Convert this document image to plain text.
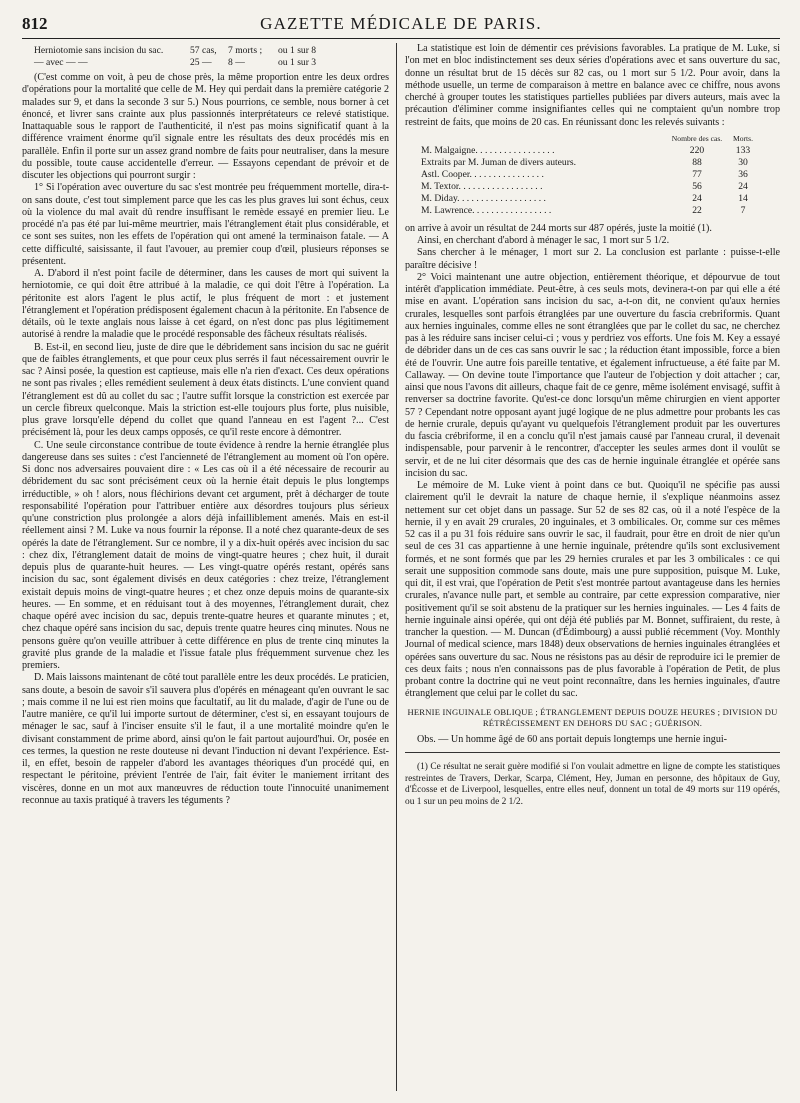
812	GAZETTE MÉDICALE DE PARIS.
Herniotomie sans incision du sac.	57 cas,	7 morts ;	ou 1 sur 8
— avec — —	25 —	8 —	ou 1 sur 3

(C'est comme on voit, à peu de chose près, la même proportion entre les deux ordres d'opérations pour la mortalité que celle de M. Hey qui perdait dans la première catégorie 2 malades sur 9, et dans la seconde 3 sur 5.) Nous pourrions, ce semble, nous borner à cet énoncé, et livrer sans crainte aux plus passionnés interprétateurs ce relevé statistique. Inattaquable sous le rapport de l'authenticité, il n'est pas moins significatif quant à la différence vraiment énorme qu'il signale entre les résultats des deux procédés mis en parallèle. Enfin il porte sur un assez grand nombre de faits pour neutraliser, dans la mesure du possible, toute cause accidentelle d'erreur. — Essayons cependant de prévoir et de discuter les objections qui pourront surgir :

1° Si l'opération avec ouverture du sac s'est montrée peu fréquemment mortelle, dira-t-on sans doute, c'est tout simplement parce que les cas les plus graves lui sont échus, ceux où la violence du mal avait dû rendre insuffisant le remède essayé en premier lieu. Le procédé n'a pas été par lui-même meurtrier, mais l'étranglement était plus considérable, et ce sont ses suites, non les effets de l'opération qui ont amené la terminaison fatale. — A cette difficulté, saisissante, il faut l'avouer, au premier coup d'œil, plusieurs réponses se présentent.

A. D'abord il n'est point facile de déterminer, dans les causes de mort qui suivent la herniotomie, ce qui doit être attribué à la maladie, ce qui doit l'être à l'opération. La péritonite est alors l'agent le plus actif, le plus fréquent de mort : et justement l'étranglement et l'opération prédisposent également chacun à la péritonite. En l'absence de détails, où le texte anglais nous laisse à cet égard, on n'est donc pas plus légitimement autorisé à rendre la maladie que le procédé responsable des fâcheux résultats réalisés.

B. Est-il, en second lieu, juste de dire que le débridement sans incision du sac ne guérit que de faibles étranglements, et que pour ceux plus serrés il faut nécessairement ouvrir le sac ? Ainsi posée, la question est captieuse, mais elle n'a rien d'exact. Ces deux opérations ne sont pas rivales ; elles remédient seulement à deux états distincts. L'une convient quand l'étranglement est dû au collet du sac ; l'autre suffit lorsque la constriction est exercée par un cercle fibreux quelconque. Mais la striction est-elle toujours plus forte, plus nuisible, plus grave lorsqu'elle dépend du collet que quand l'anneau en est l'agent ?... C'est précisément là, pour les deux camps opposés, ce qu'il reste encore à démontrer.

C. Une seule circonstance contribue de toute évidence à rendre la hernie étranglée plus dangereuse dans ses suites : c'est l'ancienneté de l'étranglement au moment où l'on opère. Si donc nos adversaires pouvaient dire : « Les cas où il a été nécessaire de recourir au débridement du sac sont précisément ceux où la hernie était depuis le plus longtemps irréductible, » oh ! alors, nous fléchirions devant cet argument, prêt à décharger de toute responsabilité l'opération pour l'attribuer entière aux désordres toujours plus sérieux qu'une constriction plus prolongée a alors déjà infailliblement amenés. Mais en est-il réellement ainsi ? M. Luke va nous fournir la réponse. Il a noté chez quarante-deux de ses opérés la date de l'étranglement. Sur ce nombre, il y a dix-huit opérés avec incision du sac : chez dix, l'étranglement datait de moins de vingt-quatre heures ; chez huit, il durait depuis plus de quarante-huit heures. — Les vingt-quatre opérés restant, opérés sans incision du sac, sont également divisés en deux catégories : chez treize, l'étranglement existait depuis moins de vingt-quatre heures ; et chez onze depuis moins de quarante-six heures. — En somme, et en réduisant tout à des moyennes, l'étranglement durait, chez chaque opéré avec incision du sac, depuis trente-quatre heures et quarante minutes ; et, chez chaque opéré sans incision du sac, depuis trente quatre heures cinq minutes. Nous ne pensons guère qu'on veuille attribuer à cette différence en plus de trente cinq minutes la gravité plus grande de la maladie et l'issue fatale plus fréquemment survenue chez les premiers.

D. Mais laissons maintenant de côté tout parallèle entre les deux procédés. Le praticien, sans doute, a besoin de savoir s'il sauvera plus d'opérés en ménageant qu'en ouvrant le sac ; mais comme il ne lui est rien moins que facultatif, au lit du malade, d'agir de l'une ou de l'autre manière, ce qu'il lui importe surtout de déterminer, c'est si, en essayant toujours de ménager le sac, sauf à l'inciser ensuite s'il le faut, il a une mortalité moindre qu'en le divisant constamment de prime abord, ainsi qu'on le fait partout aujourd'hui. Or, posée en ces termes, la question ne reste douteuse ni devant l'induction ni devant l'expérience. Est-il, en effet, besoin de rappeler d'abord les avantages théoriques d'un procédé qui, en respectant le péritoine, prévient l'entrée de l'air, fait éviter le maniement irritant des viscères, donne en un mot aux manœuvres de réduction toute l'innocuité unanimement reconnue au taxis pratiqué à travers les téguments ?

La statistique est loin de démentir ces prévisions favorables. La pratique de M. Luke, si l'on met en bloc indistinctement ses deux séries d'opérations avec et sans ouverture du sac, donne un résultat brut de 15 décès sur 82 cas, ou 1 mort sur 5 1/2. Pour avoir, dans la méthode usuelle, un terme de comparaison à mettre en balance avec ce chiffre, nous avons cherché à grouper toutes les statistiques partielles publiées par divers auteurs, mais avec la précaution d'éliminer comme insignifiantes celles qui ne comptaient qu'un nombre trop restreint de faits, que moins de 20 cas. En réunissant donc les relevés suivants :

Nombre des cas.	Morts.
M. Malgaigne. . . . . . . . . . . . . . . . .	220	133
Extraits par M. Juman de divers auteurs.	88	30
Astl. Cooper. . . . . . . . . . . . . . . .	77	36
M. Textor. . . . . . . . . . . . . . . . . .	56	24
M. Diday. . . . . . . . . . . . . . . . . . .	24	14
M. Lawrence. . . . . . . . . . . . . . . . .	22	7

on arrive à avoir un résultat de 244 morts sur 487 opérés, juste la moitié (1).

Ainsi, en cherchant d'abord à ménager le sac, 1 mort sur 5 1/2.

Sans chercher à le ménager, 1 mort sur 2. La conclusion est parlante : puisse-t-elle paraître décisive !

2° Voici maintenant une autre objection, entièrement théorique, et dépourvue de tout intérêt d'application immédiate. Peut-être, à ces seuls mots, devinera-t-on par qui elle a été mise en avant. L'opération sans incision du sac, a-t-on dit, ne convient qu'aux hernies crurales, lesquelles sont parfois étranglées par une ouverture du fascia crebriformis. Quant aux hernies inguinales, comme elles ne sont étranglées que par le collet du sac, ne cherchez pas à les réduire sans inciser celui-ci ; vous y perdriez vos efforts. Une fois M. Key a essayé de débrider dans un de ces cas sans ouvrir le sac ; la réduction étant impossible, force a bien été de l'ouvrir. Une autre fois pareille tentative, et également infructueuse, a été faite par M. Callaway. — On devine toute l'importance que l'auteur de l'objection y doit attacher ; car, ainsi que nous l'avons dit ailleurs, chaque fait de ce genre, même isolément envisagé, suffit à renverser sa doctrine favorite. Qu'est-ce donc lorsqu'un même chirurgien en vient apporter 57 ? Cependant notre opposant ayant jugé logique de ne plus admettre pour probants les cas de hernie crurale, depuis qu'ayant vu quelquefois l'étranglement produit par les ouvertures du fascia crébriforme, il en a conclu qu'il n'est jamais causé par l'anneau crural, il devenait indispensable, pour parvenir à le rencontrer, d'accepter les seules armes dont il voulût se servir, et de ne lui citer désormais que des cas de hernie inguinale étranglée et opérée sans incision du sac.

Le mémoire de M. Luke vient à point dans ce but. Quoiqu'il ne spécifie pas aussi clairement qu'il le devrait la nature de chaque hernie, il s'explique néanmoins assez nettement sur cet objet dans un passage. Sur 52 de ses 82 cas, où il a noté l'espèce de la hernie, il y en avait 29 crurales, 20 inguinales, et 3 ombilicales. Or, comme sur ces mêmes 52 cas il a pu 31 fois réduire sans ouvrir le sac, il faudrait, pour être en droit de nier qu'un seul de ces 31 cas appartienne à une hernie inguinale, prétendre qu'ils sont exclusivement formés, et ne sont formés que par les 29 hernies crurales et par les 3 ombilicales : ce qui serait une supposition commode sans doute, mais une pure supposition, puisque M. Luke, qui dit, il est vrai, que l'opération de Petit s'est montrée partout avantageuse dans les hernies crurales, n'avance nulle part, et semble au contraire, par cette expression comparative, nier positivement qu'il se soit abstenu de la pratiquer sur les hernies inguinales. — Les 4 faits de hernie inguinale ainsi opérée, qui ont déjà été publiés par M. Bonnet, suffiraient, du reste, à trancher la question. — M. Duncan (d'Édimbourg) a aussi publié récemment (Voy. Monthly Journal of medical science, mars 1848) deux observations de hernies inguinales étranglées et opérées sans ouverture du sac. Nous ne résistons pas au désir de reproduire ici le premier de ces deux faits ; nous n'en connaissons pas de plus favorable à l'opération de Petit, de plus probant contre la doctrine qui ne veut point reconnaître, dans les hernies inguinales, d'autre étranglement que celui par le collet du sac.

HERNIE INGUINALE OBLIQUE ; ÉTRANGLEMENT DEPUIS DOUZE HEURES ; DIVISION DU RÉTRÉCISSEMENT EN DEHORS DU SAC ; GUÉRISON.

Obs. — Un homme âgé de 60 ans portait depuis longtemps une hernie ingui-

(1) Ce résultat ne serait guère modifié si l'on voulait admettre en ligne de compte les statistiques restreintes de Travers, Derkar, Scarpa, Clément, Hey, Juman en personne, des hôpitaux de Guy, d'Écosse et de Liverpool, lesquelles, entre elles neuf, donnent un total de 49 morts sur 119 opérés, ou 1 sur un peu moins de 2 1/2.
